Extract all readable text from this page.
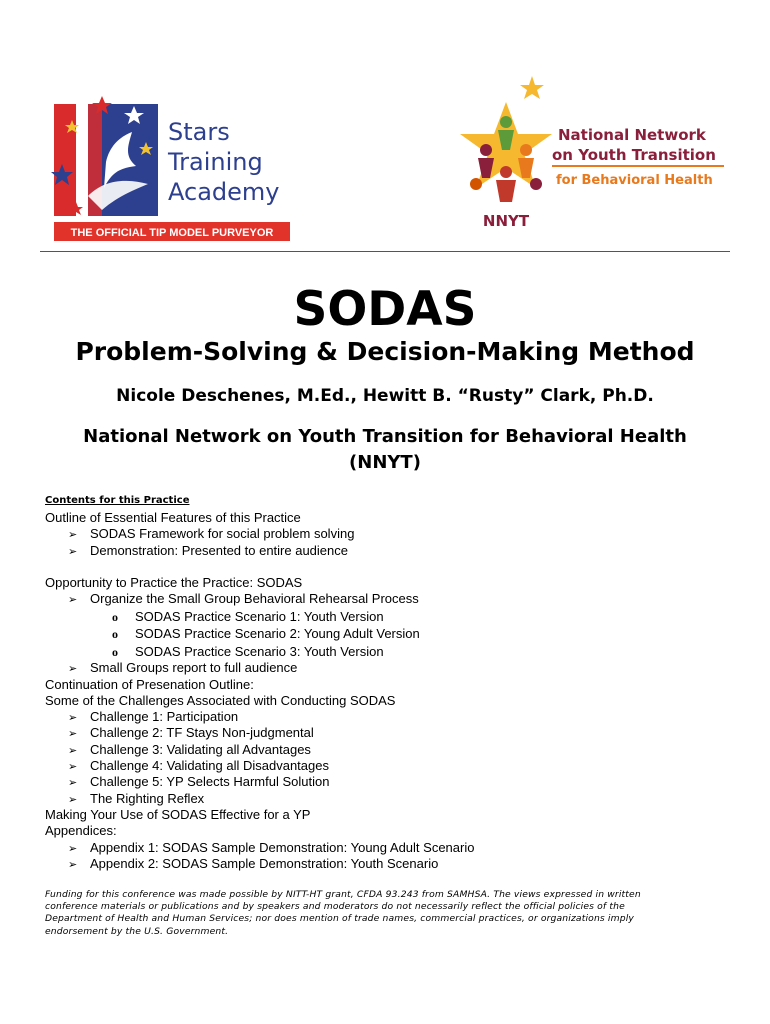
THE OFFICIAL TIP MODEL PURVEYOR
Stars
Training
Academy
NNYT
National Network
on Youth Transition
for Behavioral Health
SODAS
Problem-Solving & Decision-Making Method
Nicole Deschenes, M.Ed., Hewitt B. “Rusty” Clark, Ph.D.
National Network on Youth Transition for Behavioral Health
(NNYT)
Contents for this Practice
Outline of Essential Features of this Practice
➢ SODAS Framework for social problem solving
➢ Demonstration: Presented to entire audience
Opportunity to Practice the Practice: SODAS
➢ Organize the Small Group Behavioral Rehearsal Process
o SODAS Practice Scenario 1: Youth Version
o SODAS Practice Scenario 2: Young Adult Version
o SODAS Practice Scenario 3: Youth Version
➢ Small Groups report to full audience
Continuation of Presenation Outline:
Some of the Challenges Associated with Conducting SODAS
➢ Challenge 1: Participation
➢ Challenge 2: TF Stays Non-judgmental
➢ Challenge 3: Validating all Advantages
➢ Challenge 4: Validating all Disadvantages
➢ Challenge 5: YP Selects Harmful Solution
➢ The Righting Reflex
Making Your Use of SODAS Effective for a YP
Appendices:
➢ Appendix 1: SODAS Sample Demonstration: Young Adult Scenario
➢ Appendix 2: SODAS Sample Demonstration: Youth Scenario
Funding for this conference was made possible by NITT-HT grant, CFDA 93.243 from SAMHSA. The views expressed in written
conference materials or publications and by speakers and moderators do not necessarily reflect the official policies of the
Department of Health and Human Services; nor does mention of trade names, commercial practices, or organizations imply
endorsement by the U.S. Government.
